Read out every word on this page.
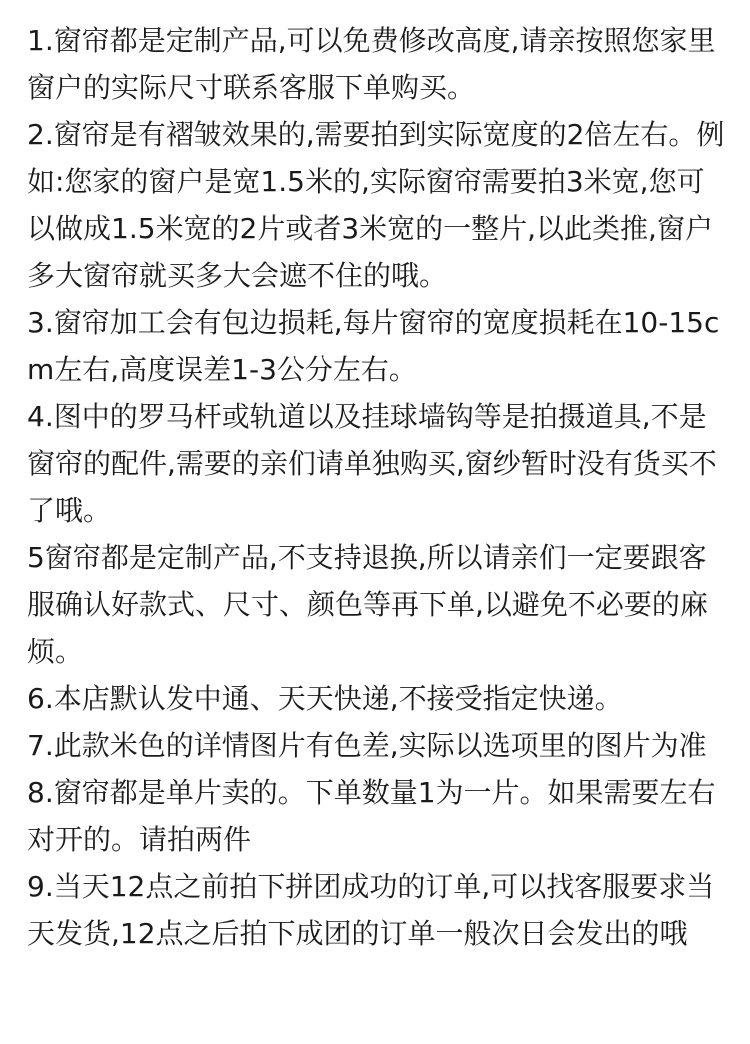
1.窗帘都是定制产品,可以免费修改高度,请亲按照您家里窗户的实际尺寸联系客服下单购买。

2.窗帘是有褶皱效果的,需要拍到实际宽度的2倍左右。例如:您家的窗户是宽1.5米的,实际窗帘需要拍3米宽,您可以做成1.5米宽的2片或者3米宽的一整片,以此类推,窗户多大窗帘就买多大会遮不住的哦。

3.窗帘加工会有包边损耗,每片窗帘的宽度损耗在10-15cm左右,高度误差1-3公分左右。

4.图中的罗马杆或轨道以及挂球墙钩等是拍摄道具,不是窗帘的配件,需要的亲们请单独购买,窗纱暂时没有货买不了哦。

5窗帘都是定制产品,不支持退换,所以请亲们一定要跟客服确认好款式、尺寸、颜色等再下单,以避免不必要的麻烦。

6.本店默认发中通、天天快递,不接受指定快递。

7.此款米色的详情图片有色差,实际以选项里的图片为准

8.窗帘都是单片卖的。下单数量1为一片。如果需要左右对开的。请拍两件

9.当天12点之前拍下拼团成功的订单,可以找客服要求当天发货,12点之后拍下成团的订单一般次日会发出的哦
